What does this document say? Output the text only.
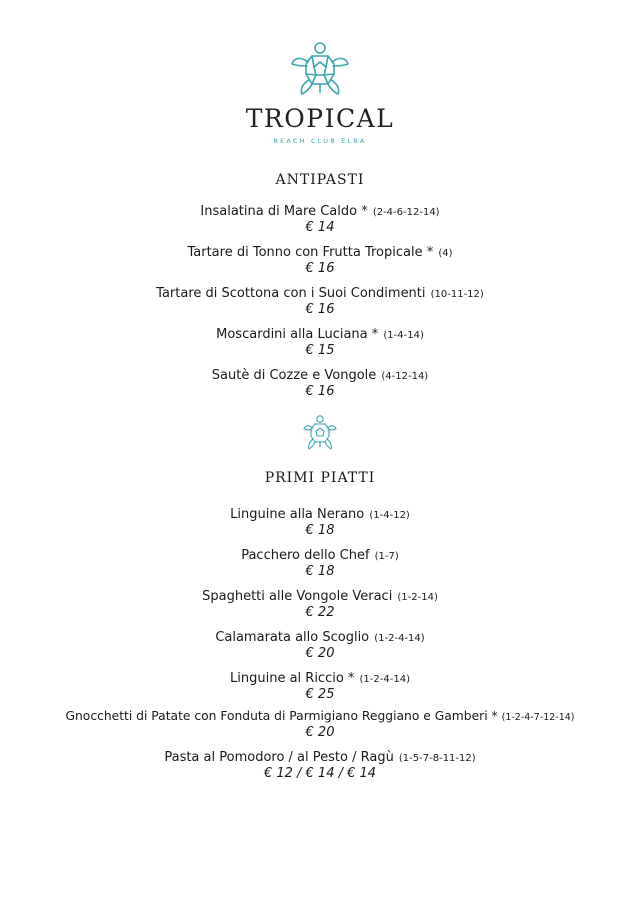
TROPICAL
BEACH CLUB ELBA
ANTIPASTI
Insalatina di Mare Caldo * (2-4-6-12-14)
€ 14
Tartare di Tonno con Frutta Tropicale * (4)
€ 16
Tartare di Scottona con i Suoi Condimenti (10-11-12)
€ 16
Moscardini alla Luciana * (1-4-14)
€ 15
Sautè di Cozze e Vongole (4-12-14)
€ 16
PRIMI PIATTI
Linguine alla Nerano (1-4-12)
€ 18
Pacchero dello Chef (1-7)
€ 18
Spaghetti alle Vongole Veraci (1-2-14)
€ 22
Calamarata allo Scoglio (1-2-4-14)
€ 20
Linguine al Riccio * (1-2-4-14)
€ 25
Gnocchetti di Patate con Fonduta di Parmigiano Reggiano e Gamberi * (1-2-4-7-12-14)
€ 20
Pasta al Pomodoro / al Pesto / Ragù (1-5-7-8-11-12)
€ 12 / € 14 / € 14
